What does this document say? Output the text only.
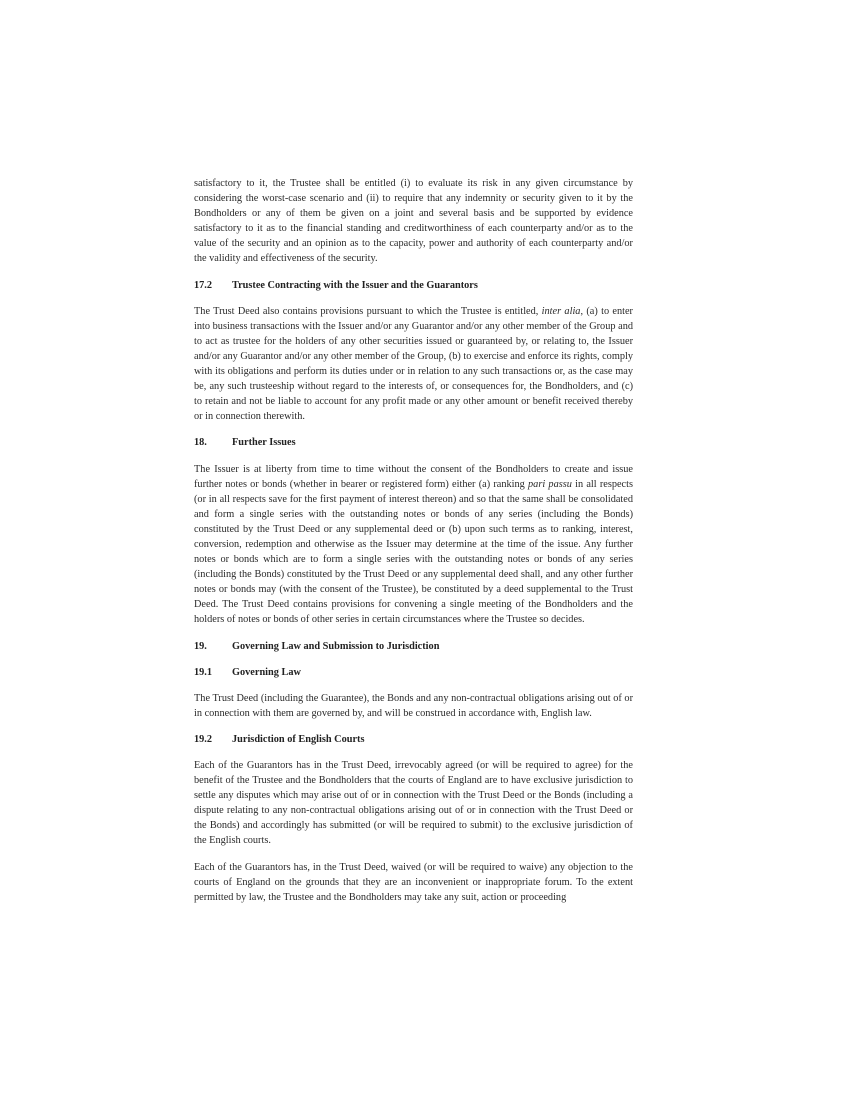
satisfactory to it, the Trustee shall be entitled (i) to evaluate its risk in any given circumstance by considering the worst-case scenario and (ii) to require that any indemnity or security given to it by the Bondholders or any of them be given on a joint and several basis and be supported by evidence satisfactory to it as to the financial standing and creditworthiness of each counterparty and/or as to the value of the security and an opinion as to the capacity, power and authority of each counterparty and/or the validity and effectiveness of the security.

17.2	Trustee Contracting with the Issuer and the Guarantors

The Trust Deed also contains provisions pursuant to which the Trustee is entitled, inter alia, (a) to enter into business transactions with the Issuer and/or any Guarantor and/or any other member of the Group and to act as trustee for the holders of any other securities issued or guaranteed by, or relating to, the Issuer and/or any Guarantor and/or any other member of the Group, (b) to exercise and enforce its rights, comply with its obligations and perform its duties under or in relation to any such transactions or, as the case may be, any such trusteeship without regard to the interests of, or consequences for, the Bondholders, and (c) to retain and not be liable to account for any profit made or any other amount or benefit received thereby or in connection therewith.

18.	Further Issues

The Issuer is at liberty from time to time without the consent of the Bondholders to create and issue further notes or bonds (whether in bearer or registered form) either (a) ranking pari passu in all respects (or in all respects save for the first payment of interest thereon) and so that the same shall be consolidated and form a single series with the outstanding notes or bonds of any series (including the Bonds) constituted by the Trust Deed or any supplemental deed or (b) upon such terms as to ranking, interest, conversion, redemption and otherwise as the Issuer may determine at the time of the issue. Any further notes or bonds which are to form a single series with the outstanding notes or bonds of any series (including the Bonds) constituted by the Trust Deed or any supplemental deed shall, and any other further notes or bonds may (with the consent of the Trustee), be constituted by a deed supplemental to the Trust Deed. The Trust Deed contains provisions for convening a single meeting of the Bondholders and the holders of notes or bonds of other series in certain circumstances where the Trustee so decides.

19.	Governing Law and Submission to Jurisdiction
19.1	Governing Law

The Trust Deed (including the Guarantee), the Bonds and any non-contractual obligations arising out of or in connection with them are governed by, and will be construed in accordance with, English law.

19.2	Jurisdiction of English Courts

Each of the Guarantors has in the Trust Deed, irrevocably agreed (or will be required to agree) for the benefit of the Trustee and the Bondholders that the courts of England are to have exclusive jurisdiction to settle any disputes which may arise out of or in connection with the Trust Deed or the Bonds (including a dispute relating to any non-contractual obligations arising out of or in connection with the Trust Deed or the Bonds) and accordingly has submitted (or will be required to submit) to the exclusive jurisdiction of the English courts.

Each of the Guarantors has, in the Trust Deed, waived (or will be required to waive) any objection to the courts of England on the grounds that they are an inconvenient or inappropriate forum. To the extent permitted by law, the Trustee and the Bondholders may take any suit, action or proceeding
